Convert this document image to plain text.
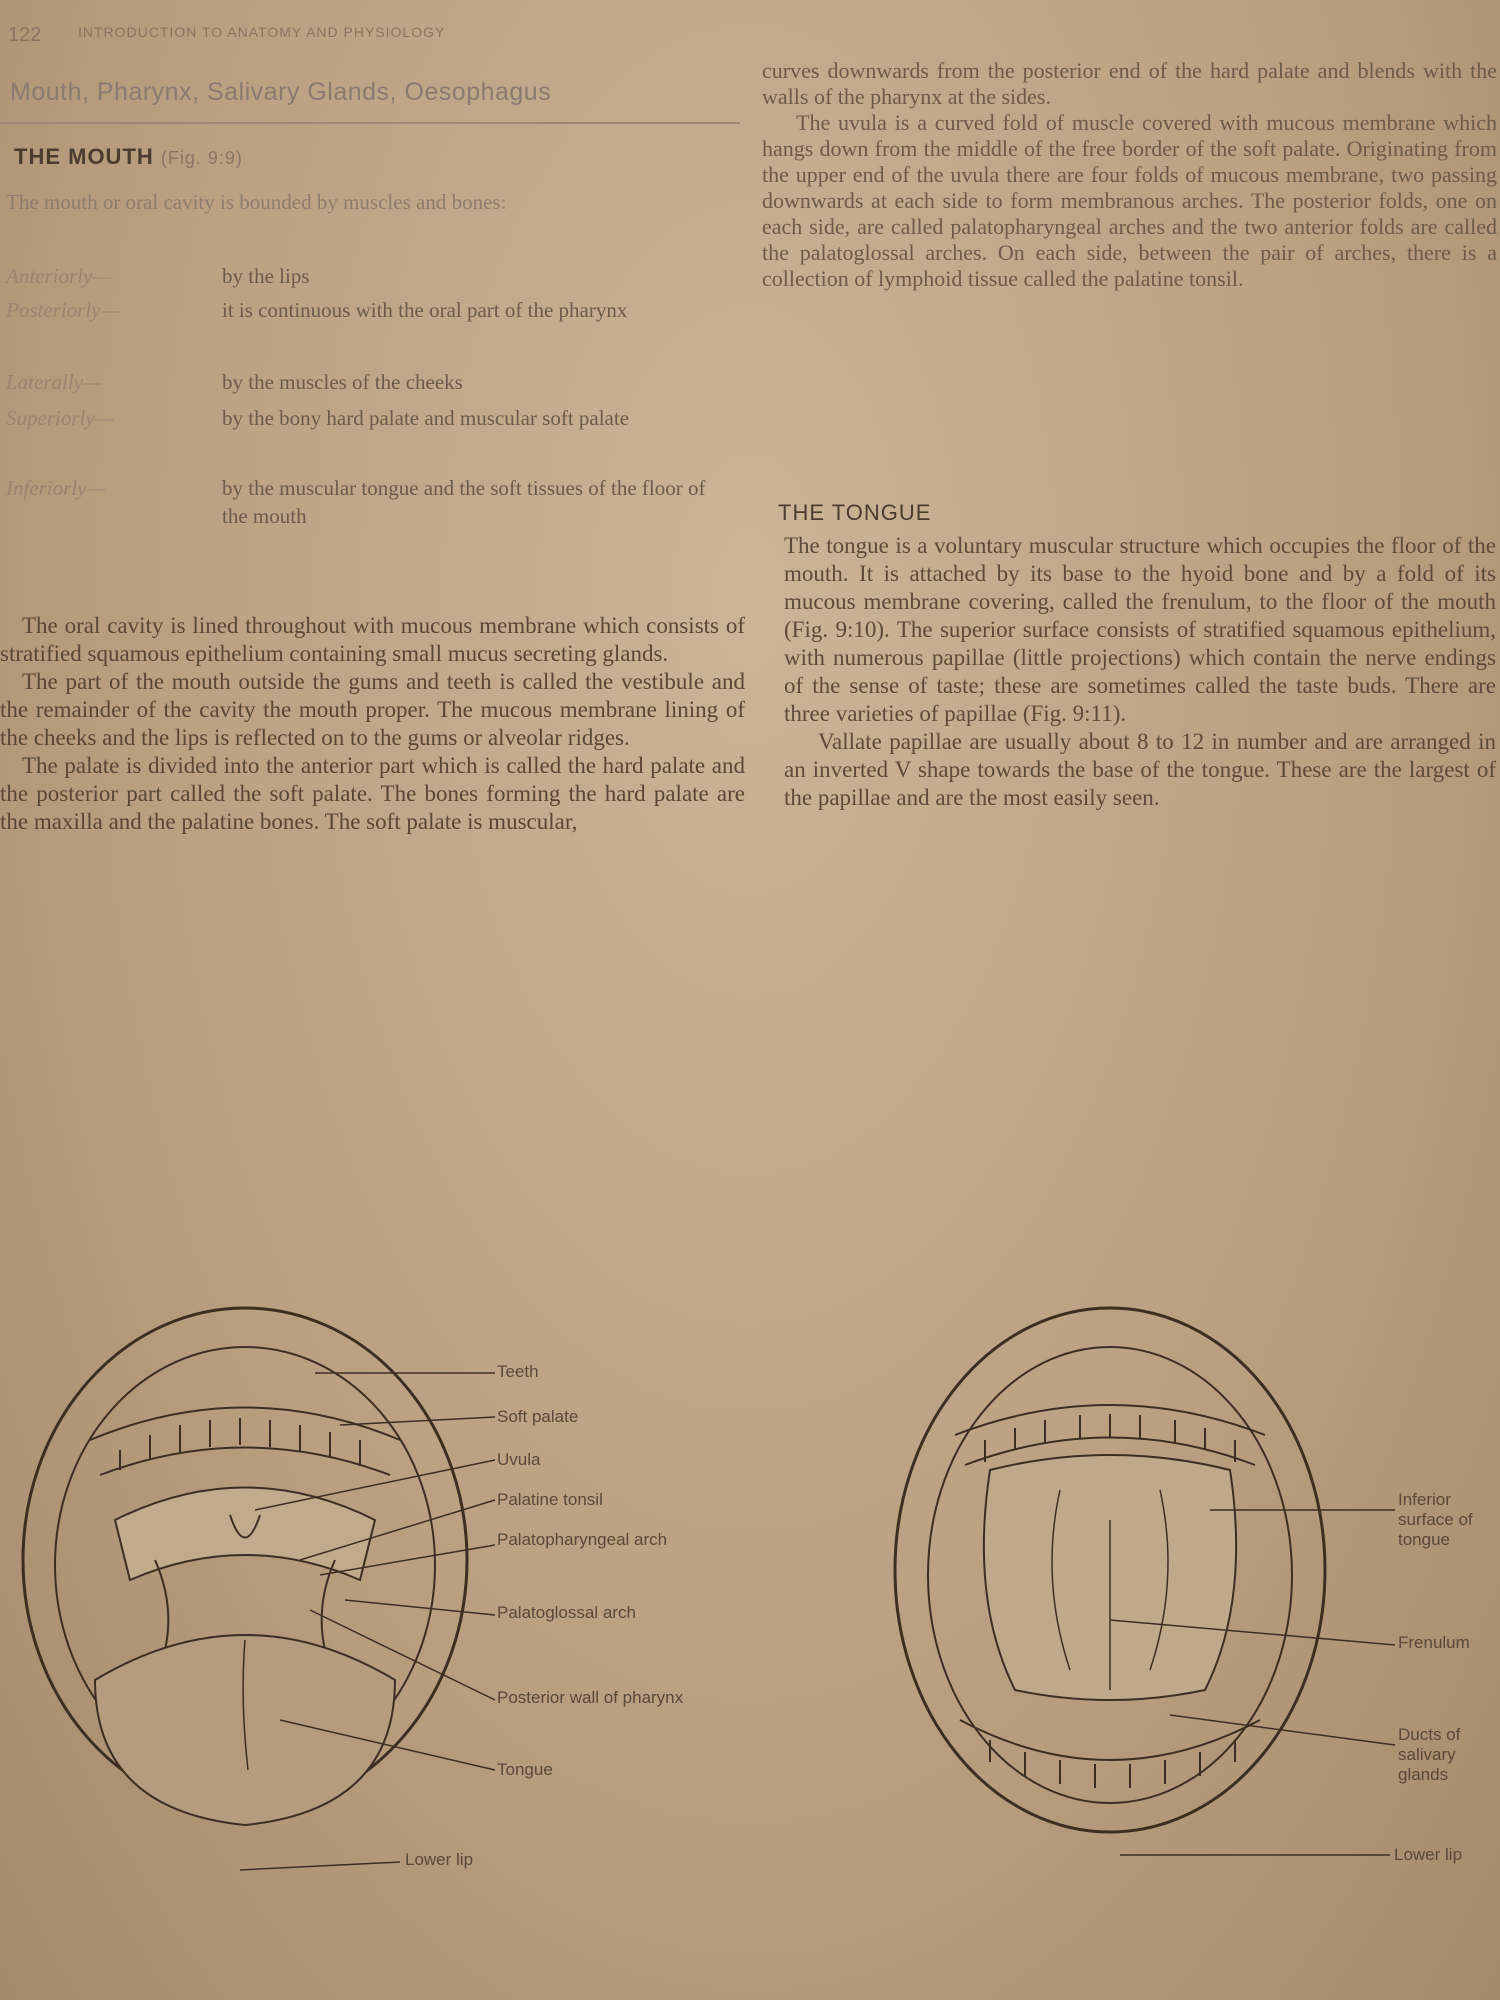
122	INTRODUCTION TO ANATOMY AND PHYSIOLOGY
Mouth, Pharynx, Salivary Glands, Oesophagus
THE MOUTH (Fig. 9:9)
The mouth or oral cavity is bounded by muscles and bones:
Anteriorly—	by the lips
Posteriorly—	it is continuous with the oral part of the pharynx
Laterally—	by the muscles of the cheeks
Superiorly—	by the bony hard palate and muscular soft palate
Inferiorly—	by the muscular tongue and the soft tissues of the floor of the mouth

The oral cavity is lined throughout with mucous membrane which consists of stratified squamous epithelium containing small mucus secreting glands.

The part of the mouth outside the gums and teeth is called the vestibule and the remainder of the cavity the mouth proper. The mucous membrane lining of the cheeks and the lips is reflected on to the gums or alveolar ridges.

The palate is divided into the anterior part which is called the hard palate and the posterior part called the soft palate. The bones forming the hard palate are the maxilla and the palatine bones. The soft palate is muscular,

curves downwards from the posterior end of the hard palate and blends with the walls of the pharynx at the sides.

The uvula is a curved fold of muscle covered with mucous membrane which hangs down from the middle of the free border of the soft palate. Originating from the upper end of the uvula there are four folds of mucous membrane, two passing downwards at each side to form membranous arches. The posterior folds, one on each side, are called palatopharyngeal arches and the two anterior folds are called the palatoglossal arches. On each side, between the pair of arches, there is a collection of lymphoid tissue called the palatine tonsil.

THE TONGUE

The tongue is a voluntary muscular structure which occupies the floor of the mouth. It is attached by its base to the hyoid bone and by a fold of its mucous membrane covering, called the frenulum, to the floor of the mouth (Fig. 9:10). The superior surface consists of stratified squamous epithelium, with numerous papillae (little projections) which contain the nerve endings of the sense of taste; these are sometimes called the taste buds. There are three varieties of papillae (Fig. 9:11).

Vallate papillae are usually about 8 to 12 in number and are arranged in an inverted V shape towards the base of the tongue. These are the largest of the papillae and are the most easily seen.

Teeth
Soft palate
Uvula
Palatine tonsil
Palatopharyngeal arch
Palatoglossal arch
Posterior wall of pharynx
Tongue
Lower lip
Inferior surface of tongue
Frenulum
Ducts of salivary glands
Lower lip
